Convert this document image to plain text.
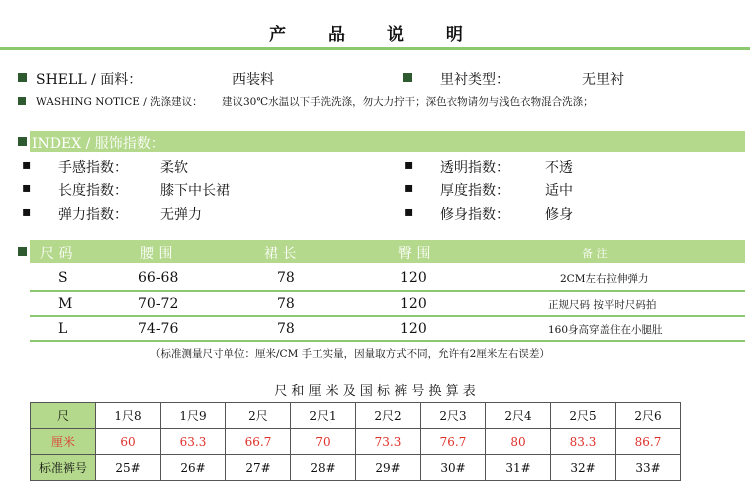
产 品 说 明
SHELL / 面料：	西装料	里衬类型：	无里衬
WASHING NOTICE / 洗涤建议： 建议30℃水温以下手洗洗涤，勿大力拧干；深色衣物请勿与浅色衣物混合洗涤；
INDEX / 服饰指数：
▪ 手感指数： 柔软
▪ 长度指数： 膝下中长裙
▪ 弹力指数： 无弹力
▪ 透明指数：	不透
▪ 厚度指数：	适中
▪ 修身指数：	修身
尺 码	腰 围	裙 长	臀 围	备 注
S	66-68	78	120	2CM左右拉伸弹力
M	70-72	78	120	正规尺码 按平时尺码拍
L	74-76	78	120	160身高穿盖住在小腿肚
（标准测量尺寸单位：厘米/CM 手工实量，因量取方式不同，允许有2厘米左右误差）
尺 和 厘 米 及 国 标 裤 号 换 算 表
尺	1尺8	1尺9	2尺	2尺1	2尺2	2尺3	2尺4	2尺5	2尺6
厘米	60	63.3	66.7	70	73.3	76.7	80	83.3	86.7
标准裤号	25#	26#	27#	28#	29#	30#	31#	32#	33#
